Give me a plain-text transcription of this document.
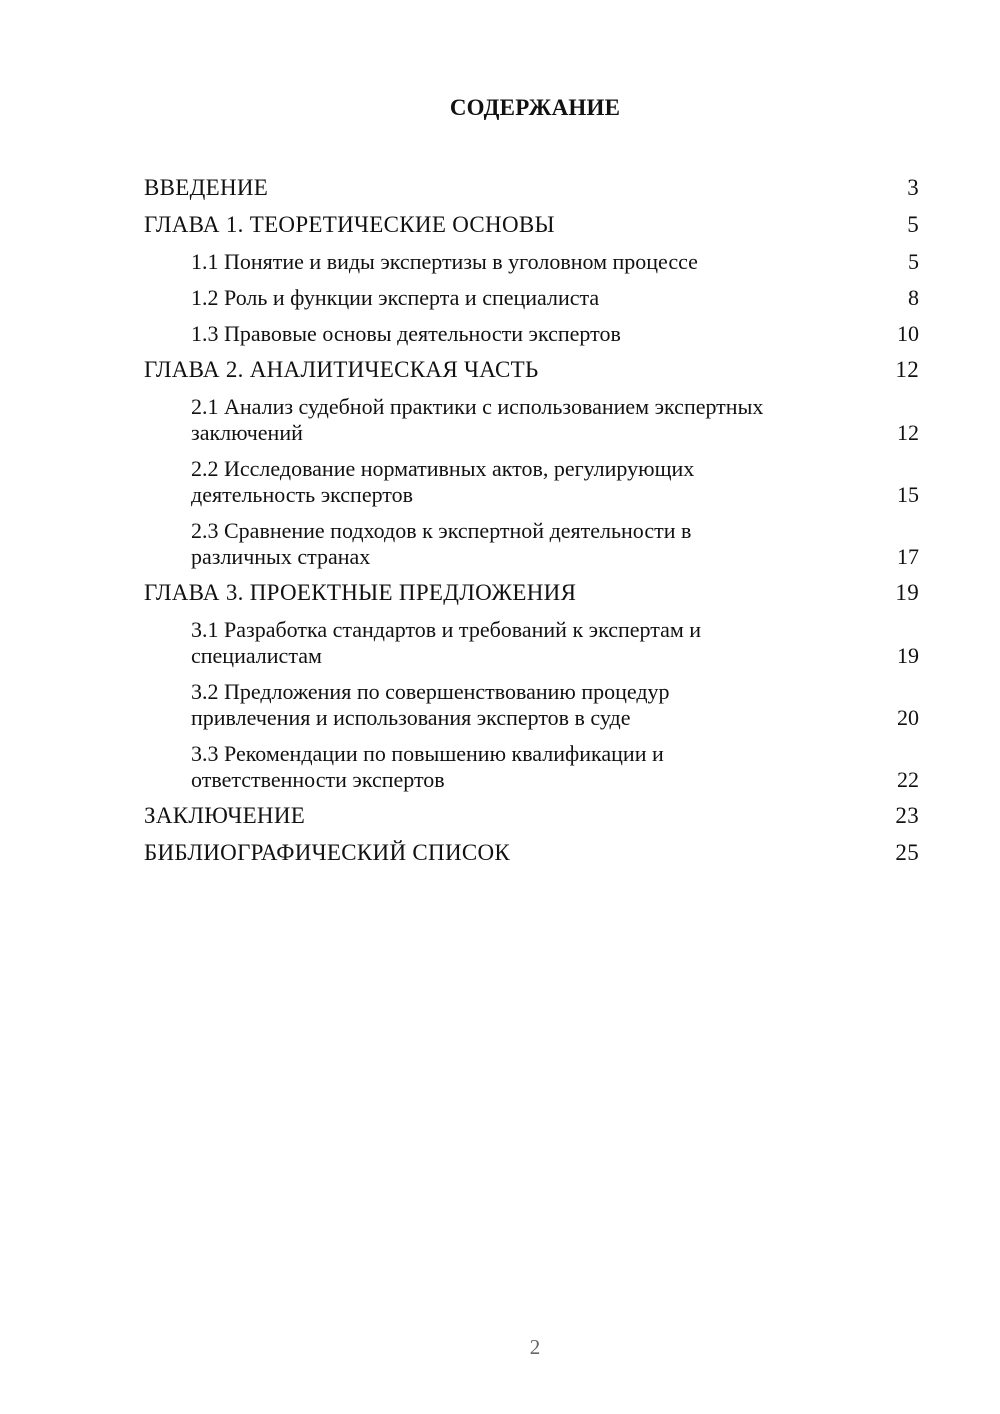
СОДЕРЖАНИЕ
ВВЕДЕНИЕ	3
ГЛАВА 1. ТЕОРЕТИЧЕСКИЕ ОСНОВЫ	5
1.1 Понятие и виды экспертизы в уголовном процессе	5
1.2 Роль и функции эксперта и специалиста	8
1.3 Правовые основы деятельности экспертов	10
ГЛАВА 2. АНАЛИТИЧЕСКАЯ ЧАСТЬ	12
2.1 Анализ судебной практики с использованием экспертных заключений	12
2.2 Исследование нормативных актов, регулирующих деятельность экспертов	15
2.3 Сравнение подходов к экспертной деятельности в различных странах	17
ГЛАВА 3. ПРОЕКТНЫЕ ПРЕДЛОЖЕНИЯ	19
3.1 Разработка стандартов и требований к экспертам и специалистам	19
3.2 Предложения по совершенствованию процедур привлечения и использования экспертов в суде	20
3.3 Рекомендации по повышению квалификации и ответственности экспертов	22
ЗАКЛЮЧЕНИЕ	23
БИБЛИОГРАФИЧЕСКИЙ СПИСОК	25

2
